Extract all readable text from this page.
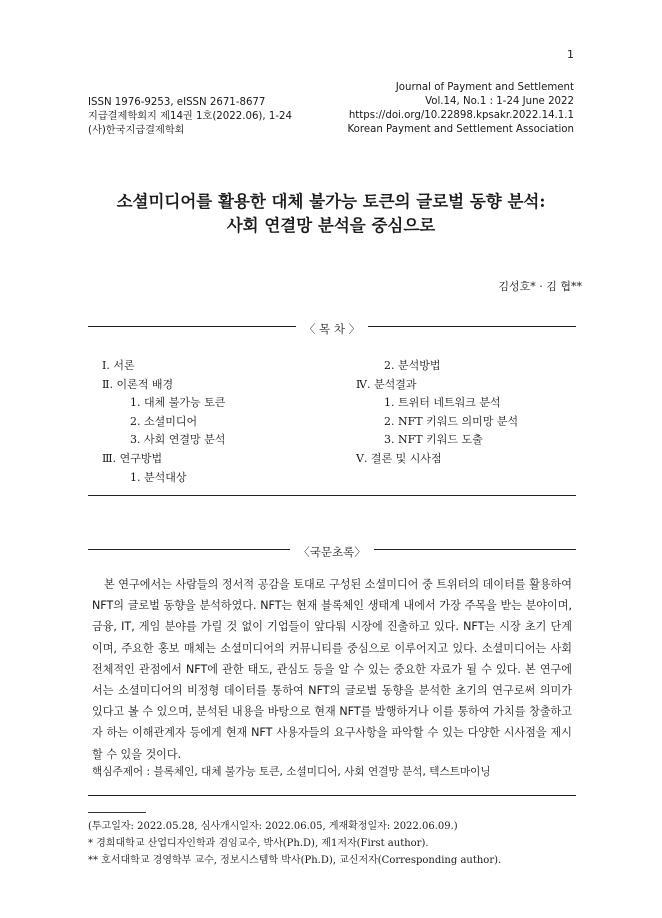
1
ISSN 1976-9253, eISSN 2671-8677
지급결제학회지 제14권 1호(2022.06), 1-24
(사)한국지급결제학회
Journal of Payment and Settlement
Vol.14, No.1 : 1-24 June 2022
https://doi.org/10.22898.kpsakr.2022.14.1.1
Korean Payment and Settlement Association
소셜미디어를 활용한 대체 불가능 토큰의 글로벌 동향 분석:
사회 연결망 분석을 중심으로
김성호* · 김 협**
〈 목 차 〉
Ⅰ. 서론
Ⅱ. 이론적 배경
1. 대체 불가능 토큰
2. 소셜미디어
3. 사회 연결망 분석
Ⅲ. 연구방법
1. 분석대상
2. 분석방법
Ⅳ. 분석결과
1. 트위터 네트워크 분석
2. NFT 키워드 의미망 분석
3. NFT 키워드 도출
Ⅴ. 결론 및 시사점
〈국문초록〉
본 연구에서는 사람들의 정서적 공감을 토대로 구성된 소셜미디어 중 트위터의 데이터를 활용하여 NFT의 글로벌 동향을 분석하였다. NFT는 현재 블록체인 생태계 내에서 가장 주목을 받는 분야이며, 금융, IT, 게임 분야를 가릴 것 없이 기업들이 앞다퉈 시장에 진출하고 있다. NFT는 시장 초기 단계이며, 주요한 홍보 매체는 소셜미디어의 커뮤니티를 중심으로 이루어지고 있다. 소셜미디어는 사회 전체적인 관점에서 NFT에 관한 태도, 관심도 등을 알 수 있는 중요한 자료가 될 수 있다. 본 연구에서는 소셜미디어의 비정형 데이터를 통하여 NFT의 글로벌 동향을 분석한 초기의 연구로써 의미가 있다고 볼 수 있으며, 분석된 내용을 바탕으로 현재 NFT를 발행하거나 이를 통하여 가치를 창출하고자 하는 이해관계자 등에게 현재 NFT 사용자들의 요구사항을 파악할 수 있는 다양한 시사점을 제시할 수 있을 것이다.
핵심주제어 : 블록체인, 대체 불가능 토큰, 소셜미디어, 사회 연결망 분석, 텍스트마이닝
(투고일자: 2022.05.28, 심사개시일자: 2022.06.05, 게재확정일자: 2022.06.09.)
* 경희대학교 산업디자인학과 겸임교수, 박사(Ph.D), 제1저자(First author).
** 호서대학교 경영학부 교수, 정보시스템학 박사(Ph.D), 교신저자(Corresponding author).
